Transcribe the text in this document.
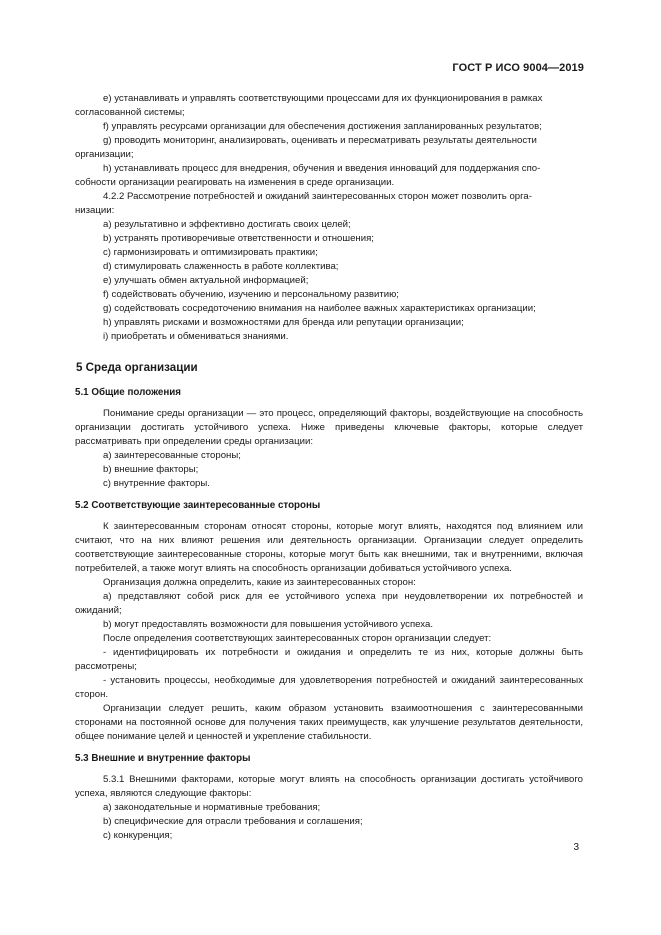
ГОСТ Р ИСО 9004—2019

e) устанавливать и управлять соответствующими процессами для их функционирования в рамках

согласованной системы;

f) управлять ресурсами организации для обеспечения достижения запланированных результатов;

g) проводить мониторинг, анализировать, оценивать и пересматривать результаты деятельности

организации;

h) устанавливать процесс для внедрения, обучения и введения инноваций для поддержания спо-

собности организации реагировать на изменения в среде организации.

4.2.2 Рассмотрение потребностей и ожиданий заинтересованных сторон может позволить орга-

низации:

a) результативно и эффективно достигать своих целей;

b) устранять противоречивые ответственности и отношения;

c) гармонизировать и оптимизировать практики;

d) стимулировать слаженность в работе коллектива;

e) улучшать обмен актуальной информацией;

f) содействовать обучению, изучению и персональному развитию;

g) содействовать сосредоточению внимания на наиболее важных характеристиках организации;

h) управлять рисками и возможностями для бренда или репутации организации;

i) приобретать и обмениваться знаниями.

5 Среда организации
5.1 Общие положения

Понимание среды организации — это процесс, определяющий факторы, воздействующие на способность организации достигать устойчивого успеха. Ниже приведены ключевые факторы, которые следует рассматривать при определении среды организации:

a) заинтересованные стороны;

b) внешние факторы;

c) внутренние факторы.

5.2 Соответствующие заинтересованные стороны

К заинтересованным сторонам относят стороны, которые могут влиять, находятся под влиянием или считают, что на них влияют решения или деятельность организации. Организации следует определить соответствующие заинтересованные стороны, которые могут быть как внешними, так и внутренними, включая потребителей, а также могут влиять на способность организации добиваться устойчивого успеха.

Организация должна определить, какие из заинтересованных сторон:

a) представляют собой риск для ее устойчивого успеха при неудовлетворении их потребностей и ожиданий;

b) могут предоставлять возможности для повышения устойчивого успеха.

После определения соответствующих заинтересованных сторон организации следует:

- идентифицировать их потребности и ожидания и определить те из них, которые должны быть рассмотрены;

- установить процессы, необходимые для удовлетворения потребностей и ожиданий заинтересованных сторон.

Организации следует решить, каким образом установить взаимоотношения с заинтересованными сторонами на постоянной основе для получения таких преимуществ, как улучшение результатов деятельности, общее понимание целей и ценностей и укрепление стабильности.

5.3 Внешние и внутренние факторы

5.3.1 Внешними факторами, которые могут влиять на способность организации достигать устойчивого успеха, являются следующие факторы:

a) законодательные и нормативные требования;

b) специфические для отрасли требования и соглашения;

c) конкуренция;

3
